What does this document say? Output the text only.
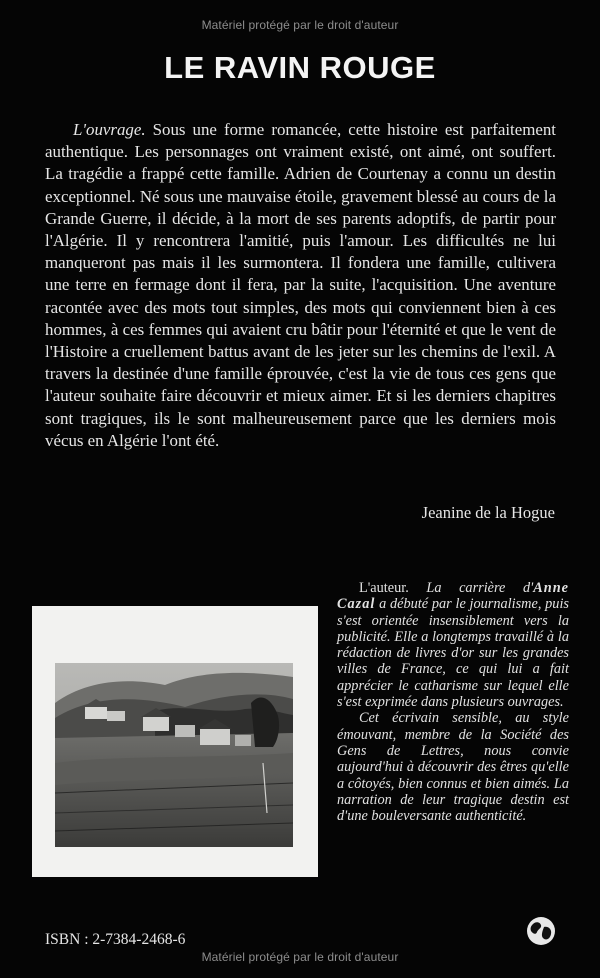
Matériel protégé par le droit d'auteur
LE RAVIN ROUGE

L'ouvrage. Sous une forme romancée, cette histoire est parfaitement authentique. Les personnages ont vraiment existé, ont aimé, ont souffert. La tragédie a frappé cette famille. Adrien de Courtenay a connu un destin exceptionnel. Né sous une mauvaise étoile, gravement blessé au cours de la Grande Guerre, il décide, à la mort de ses parents adoptifs, de partir pour l'Algérie. Il y rencontrera l'amitié, puis l'amour. Les difficultés ne lui manqueront pas mais il les surmontera. Il fondera une famille, cultivera une terre en fermage dont il fera, par la suite, l'acquisition. Une aventure racontée avec des mots tout simples, des mots qui conviennent bien à ces hommes, à ces femmes qui avaient cru bâtir pour l'éternité et que le vent de l'Histoire a cruellement battus avant de les jeter sur les chemins de l'exil. A travers la destinée d'une famille éprouvée, c'est la vie de tous ces gens que l'auteur souhaite faire découvrir et mieux aimer. Et si les derniers chapitres sont tragiques, ils le sont malheureusement parce que les derniers mois vécus en Algérie l'ont été.

Jeanine de la Hogue

L'auteur. La carrière d'Anne Cazal a débuté par le journalisme, puis s'est orientée insensiblement vers la publicité. Elle a longtemps travaillé à la rédaction de livres d'or sur les grandes villes de France, ce qui lui a fait apprécier le catharisme sur lequel elle s'est exprimée dans plusieurs ouvrages.

Cet écrivain sensible, au style émouvant, membre de la Société des Gens de Lettres, nous convie aujourd'hui à découvrir des êtres qu'elle a côtoyés, bien connus et bien aimés. La narration de leur tragique destin est d'une bouleversante authenticité.

ISBN : 2-7384-2468-6
Matériel protégé par le droit d'auteur
